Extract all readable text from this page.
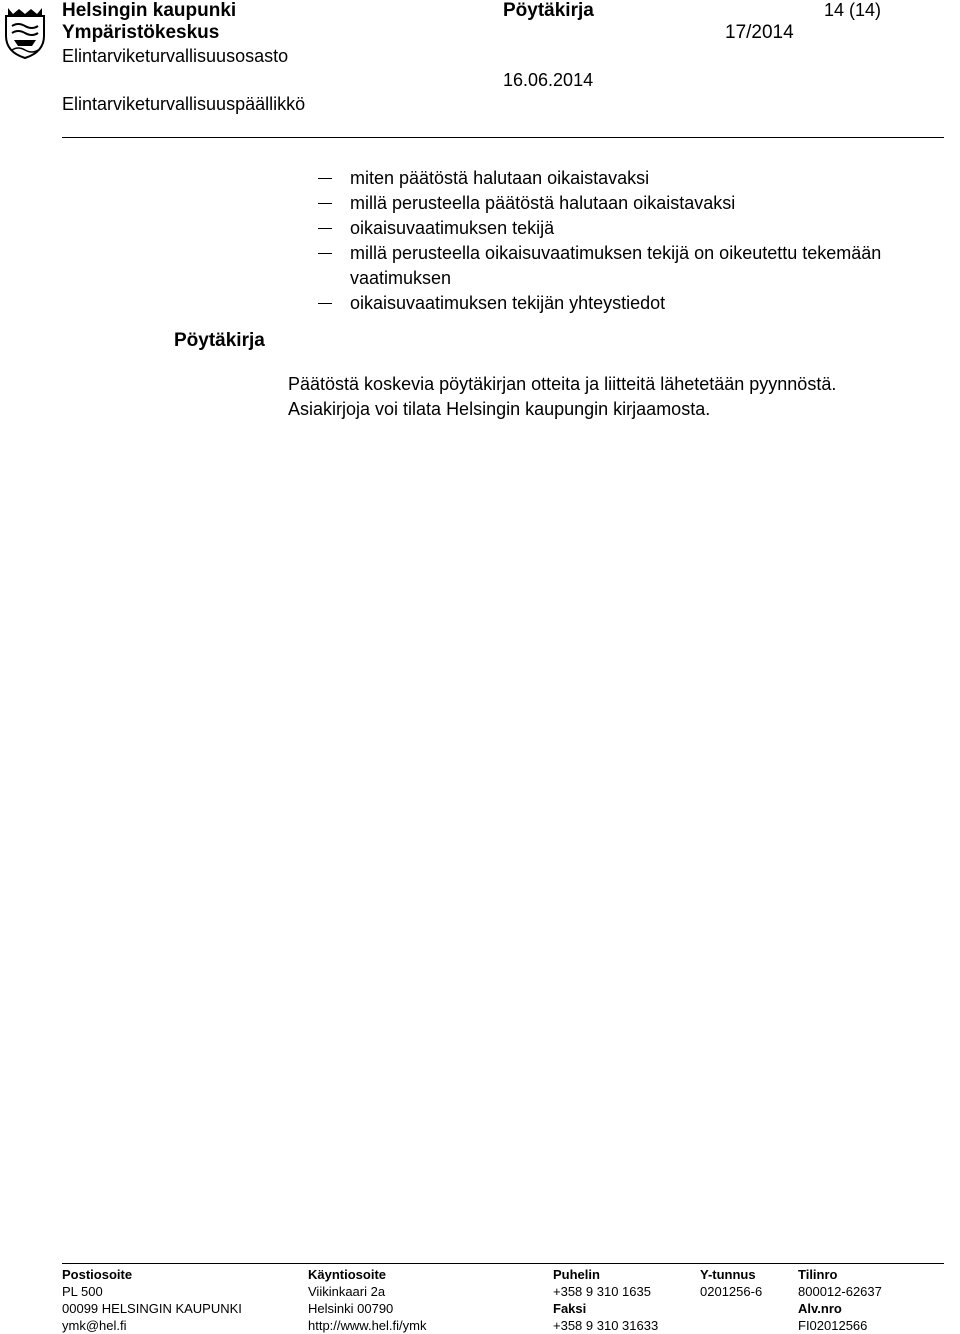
Helsingin kaupunki
Ympäristökeskus
Elintarviketurvallisuusosasto
Elintarviketurvallisuuspäällikkö
Pöytäkirja
17/2014
16.06.2014
14 (14)
miten päätöstä halutaan oikaistavaksi
millä perusteella päätöstä halutaan oikaistavaksi
oikaisuvaatimuksen tekijä
millä perusteella oikaisuvaatimuksen tekijä on oikeutettu tekemään vaatimuksen
oikaisuvaatimuksen tekijän yhteystiedot
Pöytäkirja
Päätöstä koskevia pöytäkirjan otteita ja liitteitä lähetetään pyynnöstä.
Asiakirjoja voi tilata Helsingin kaupungin kirjaamosta.
Postiosoite
PL 500
00099 HELSINGIN KAUPUNKI
ymk@hel.fi
Käyntiosoite
Viikinkaari 2a
Helsinki 00790
http://www.hel.fi/ymk
Puhelin
+358 9 310 1635
Faksi
+358 9 310 31633
Y-tunnus
0201256-6
Tilinro
800012-62637
Alv.nro
FI02012566
